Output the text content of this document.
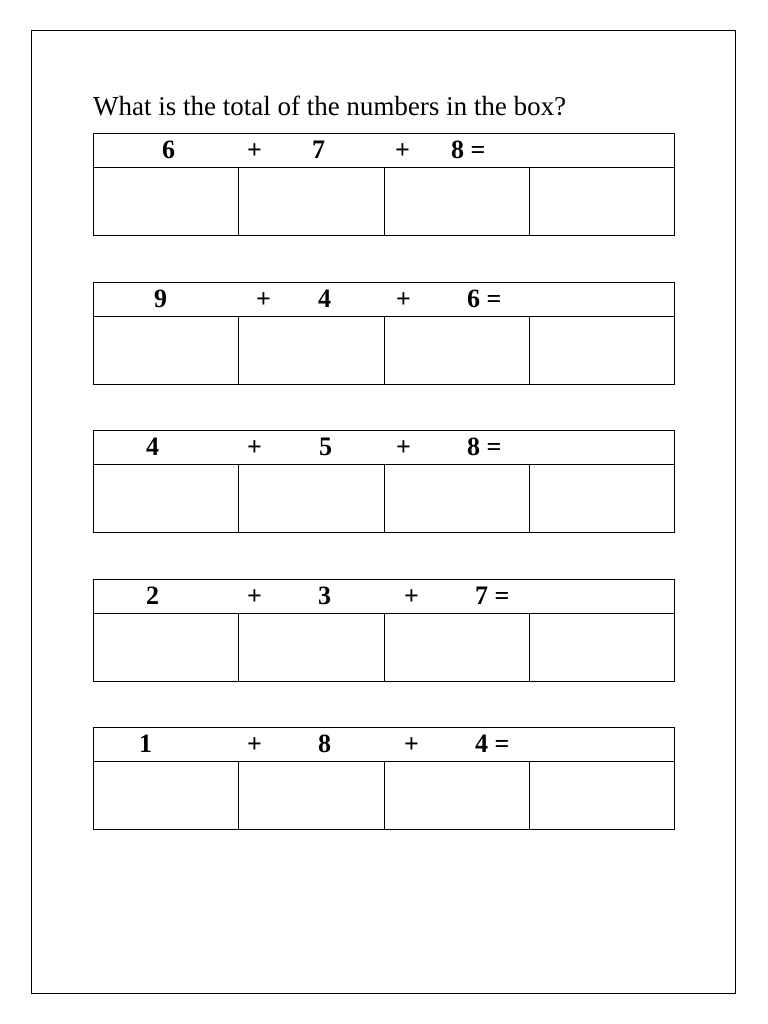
What is the total of the numbers in the box?
6	+ 7	+ 8 =
9	+ 4	+ 6 =
4	+ 5 + 8 =
2	+ 3	+ 7 =
1	+ 8	+ 4 =
